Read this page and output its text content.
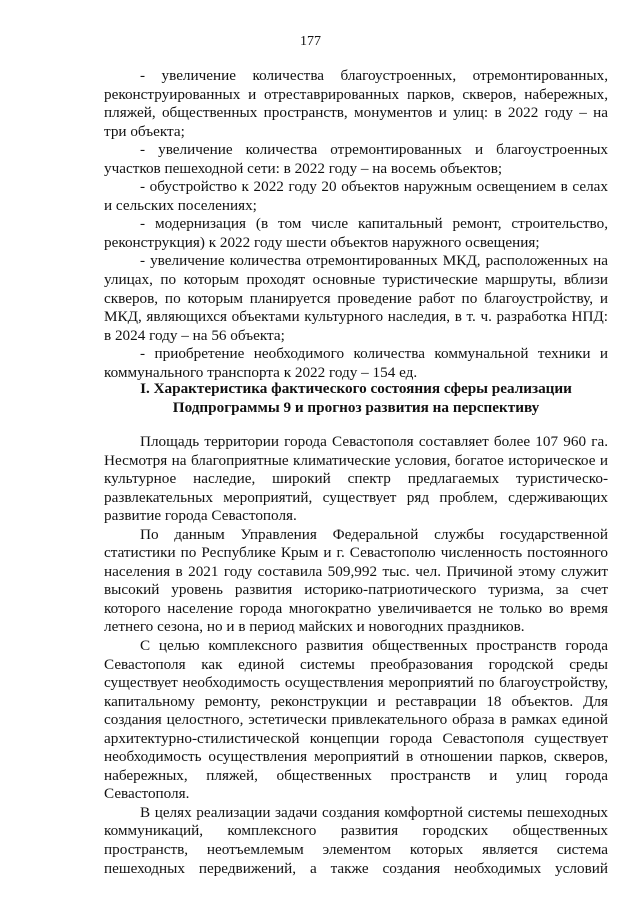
177

- увеличение количества благоустроенных, отремонтированных, реконструированных и отреставрированных парков, скверов, набережных, пляжей, общественных пространств, монументов и улиц: в 2022 году – на три объекта;

- увеличение количества отремонтированных и благоустроенных участков пешеходной сети: в 2022 году – на восемь объектов;

- обустройство к 2022 году 20 объектов наружным освещением в селах и сельских поселениях;

- модернизация (в том числе капитальный ремонт, строительство, реконструкция) к 2022 году шести объектов наружного освещения;

- увеличение количества отремонтированных МКД, расположенных на улицах, по которым проходят основные туристические маршруты, вблизи скверов, по которым планируется проведение работ по благоустройству, и МКД, являющихся объектами культурного наследия, в т. ч. разработка НПД: в 2024 году – на 56 объекта;

- приобретение необходимого количества коммунальной техники и коммунального транспорта к 2022 году – 154 ед.

I. Характеристика фактического состояния сферы реализации
Подпрограммы 9 и прогноз развития на перспективу

Площадь территории города Севастополя составляет более 107 960 га. Несмотря на благоприятные климатические условия, богатое историческое и культурное наследие, широкий спектр предлагаемых туристическо-развлекательных мероприятий, существует ряд проблем, сдерживающих развитие города Севастополя.

По данным Управления Федеральной службы государственной статистики по Республике Крым и г. Севастополю численность постоянного населения в 2021 году составила 509,992 тыс. чел. Причиной этому служит высокий уровень развития историко-патриотического туризма, за счет которого население города многократно увеличивается не только во время летнего сезона, но и в период майских и новогодних праздников.

С целью комплексного развития общественных пространств города Севастополя как единой системы преобразования городской среды существует необходимость осуществления мероприятий по благоустройству, капитальному ремонту, реконструкции и реставрации 18 объектов. Для создания целостного, эстетически привлекательного образа в рамках единой архитектурно-стилистической концепции города Севастополя существует необходимость осуществления мероприятий в отношении парков, скверов, набережных, пляжей, общественных пространств и улиц города Севастополя.

В целях реализации задачи создания комфортной системы пешеходных коммуникаций, комплексного развития городских общественных пространств, неотъемлемым элементом которых является система пешеходных передвижений, а также создания необходимых условий
